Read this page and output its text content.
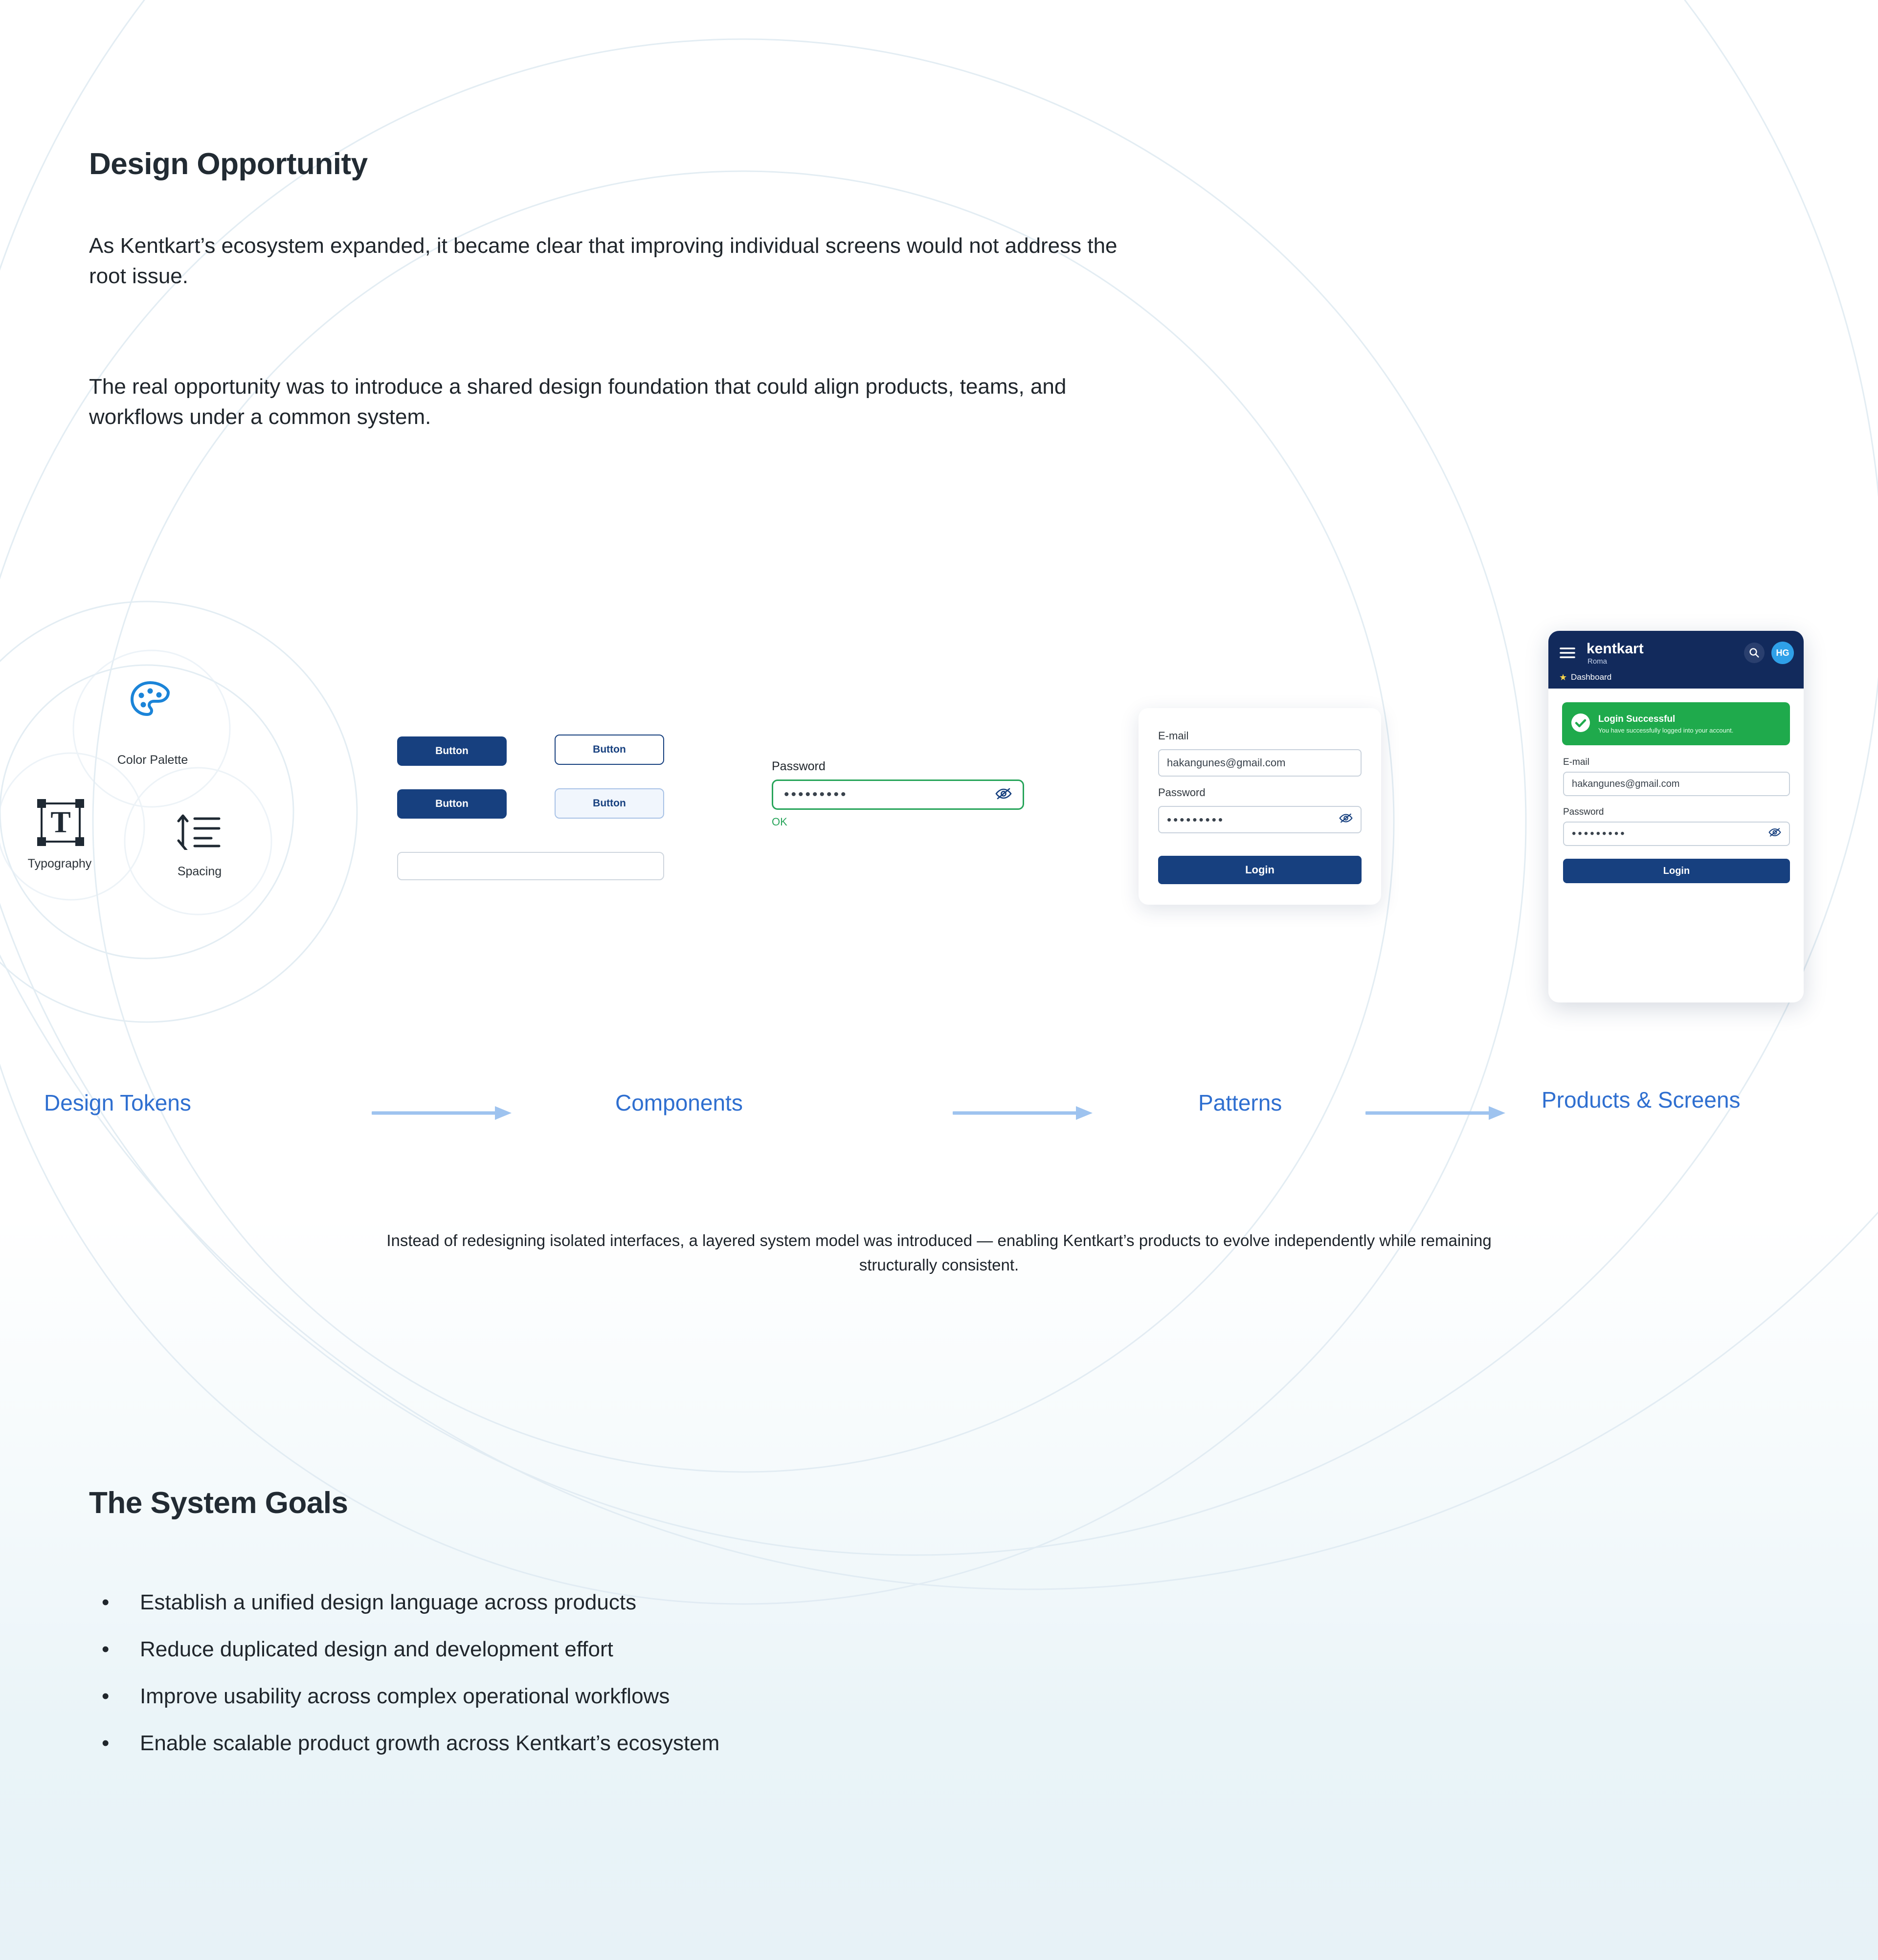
Design Opportunity
As Kentkart’s ecosystem expanded, it became clear that improving individual screens would not address the root issue.
The real opportunity was to introduce a shared design foundation that could align products, teams, and workflows under a common system.
Color Palette
T
Typography
Spacing
Button	Button
Button	Button
Password
•••••••••
OK
E-mail
hakangunes@gmail.com
Password
•••••••••
Login
kentkart
Roma
HG
★ Dashboard
Login Successful
You have successfully logged into your account.
E-mail
hakangunes@gmail.com
Password
•••••••••
Login
Design Tokens	Components	Patterns	Products & Screens
Instead of redesigning isolated interfaces, a layered system model was introduced — enabling Kentkart’s products to evolve independently while remaining structurally consistent.
The System Goals
• Establish a unified design language across products
• Reduce duplicated design and development effort
• Improve usability across complex operational workflows
• Enable scalable product growth across Kentkart’s ecosystem
